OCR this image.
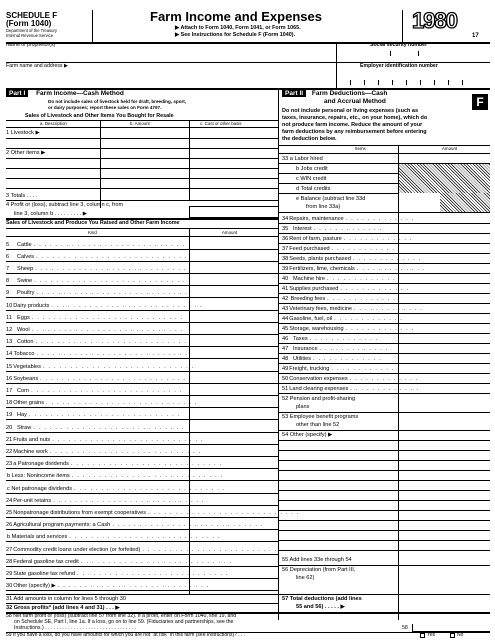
SCHEDULE F
(Form 1040)
Department of the Treasury
Internal Revenue Service
Farm Income and Expenses
▶ Attach to Form 1040, Form 1041, or Form 1065.
▶ See Instructions for Schedule F (Form 1040).
1980
17
Name of proprietor(s)	Social security number
Farm name and address ▶	Employer identification number
Part I Farm Income—Cash Method
Do not include sales of livestock held for draft, breeding, sport,
or dairy purposes; report these sales on Form 4797.
Sales of Livestock and Other Items You Bought for Resale
a. Description	b. Amount	c. Cost or other basis
1 Livestock ▶
2 Other items ▶
3 Totals . . . .
4 Profit or (loss), subtract line 3, column c, from
line 3, column b . . . . . . . . . ▶
Sales of Livestock and Produce You Raised and Other Farm Income
Kind	Amount
5	Cattle . . . . . . . . . . . . . . . . . . . . . . . . . . . .
6	Calves . . . . . . . . . . . . . . . . . . . . . . . . . . . .
7	Sheep . . . . . . . . . . . . . . . . . . . . . . . . . . . .
8	Swine . . . . . . . . . . . . . . . . . . . . . . . . . . . .
9	Poultry . . . . . . . . . . . . . . . . . . . . . . . . . . . .
10 Dairy products . . . . . . . . . . . . . . . . . . . . . . . . . . . .
11 Eggs . . . . . . . . . . . . . . . . . . . . . . . . . . . .
12 Wool . . . . . . . . . . . . . . . . . . . . . . . . . . . .
13 Cotton . . . . . . . . . . . . . . . . . . . . . . . . . . . .
14 Tobacco . . . . . . . . . . . . . . . . . . . . . . . . . . . .
15 Vegetables . . . . . . . . . . . . . . . . . . . . . . . . . . . .
16 Soybeans . . . . . . . . . . . . . . . . . . . . . . . . . . . .
17 Corn . . . . . . . . . . . . . . . . . . . . . . . . . . . .
18 Other grains . . . . . . . . . . . . . . . . . . . . . . . . . . . .
19 Hay . . . . . . . . . . . . . . . . . . . . . . . . . . . .
20 Straw . . . . . . . . . . . . . . . . . . . . . . . . . . . .
21 Fruits and nuts . . . . . . . . . . . . . . . . . . . . . . . . . . . .
22 Machine work . . . . . . . . . . . . . . . . . . . . . . . . . . . .
23 a Patronage dividends . . . . . . . . . . . . . . . . . . . . . . . . . . . .
b Less: Nonincome items . . . . . . . . . . . . . . . . . . . . . . . . . . . .
c Net patronage dividends . . . . . . . . . . . . . . . . . . . . . . . . . . . .
24 Per-unit retains . . . . . . . . . . . . . . . . . . . . . . . . . . . .
25 Nonpatronage distributions from exempt cooperatives . . . . . . . . . . . . . . . . . . . . . . . . . . . .
26 Agricultural program payments: a Cash . . . . . . . . . . . . . . . . . . . . . . . . . . . .
b Materials and services . . . . . . . . . . . . . . . . . . . . . . . . . . . .
27 Commodity credit loans under election (or forfeited) . . . . . . . . . . . . . . . . . . . . . . . . . . . .
28 Federal gasoline tax credit . . . . . . . . . . . . . . . . . . . . . . . . . . . .
29 State gasoline tax refund . . . . . . . . . . . . . . . . . . . . . . . . . . . .
30 Other (specify) ▶ . . . . . . . . . . . . . . . . . . . . . . . . . . . .
31 Add amounts in column for lines 5 through 30
32 Gross profits* (add lines 4 and 31) . . . ▶
Part II Farm Deductions—Cash
and Accrual Method	F
Do not include personal or living expenses (such as
taxes, insurance, repairs, etc., on your home), which do
not produce farm income. Reduce the amount of your
farm deductions by any reimbursement before entering
the deduction below.
Items	Amount
33 a Labor hired
b Jobs credit
c WIN credit
d Total credits
e Balance (subtract line 33d
from line 33a)
34 Repairs, maintenance . . . . . . . . . . . . .
35 Interest . . . . . . . . . . . . .
36 Rent of farm, pasture . . . . . . . . . . . . .
37 Feed purchased . . . . . . . . . . . . .
38 Seeds, plants purchased . . . . . . . . . . . . .
39 Fertilizers, lime, chemicals . . . . . . . . . . . . .
40 Machine hire . . . . . . . . . . . . .
41 Supplies purchased . . . . . . . . . . . . .
42 Breeding fees . . . . . . . . . . . . .
43 Veterinary fees, medicine . . . . . . . . . . . . .
44 Gasoline, fuel, oil . . . . . . . . . . . . .
45 Storage, warehousing . . . . . . . . . . . . .
46 Taxes . . . . . . . . . . . . .
47 Insurance . . . . . . . . . . . . .
48 Utilities . . . . . . . . . . . . .
49 Freight, trucking . . . . . . . . . . . . .
50 Conservation expenses . . . . . . . . . . . . .
51 Land clearing expenses . . . . . . . . . . . . .
52 Pension and profit-sharing
plans
53 Employee benefit programs
other than line 52
54 Other (specify) ▶
55 Add lines 33e through 54
56 Depreciation (from Part III,
line 62)
57 Total deductions (add lines
55 and 56) . . . . . ▶
58 Net farm profit or (loss) (subtract line 57 from line 32). If a profit, enter on Form 1040, line 19, and
on Schedule SE, Part I, line 1a. If a loss, go on to line 59. (Fiduciaries and partnerships, see the
Instructions.) . . . . . . . . . . . . . . . . . . . . . . . . . . . . . . . .	58
59 If you have a loss, do you have amounts for which you are not "at risk" in this farm (see Instructions)? . . .	Yes	No
